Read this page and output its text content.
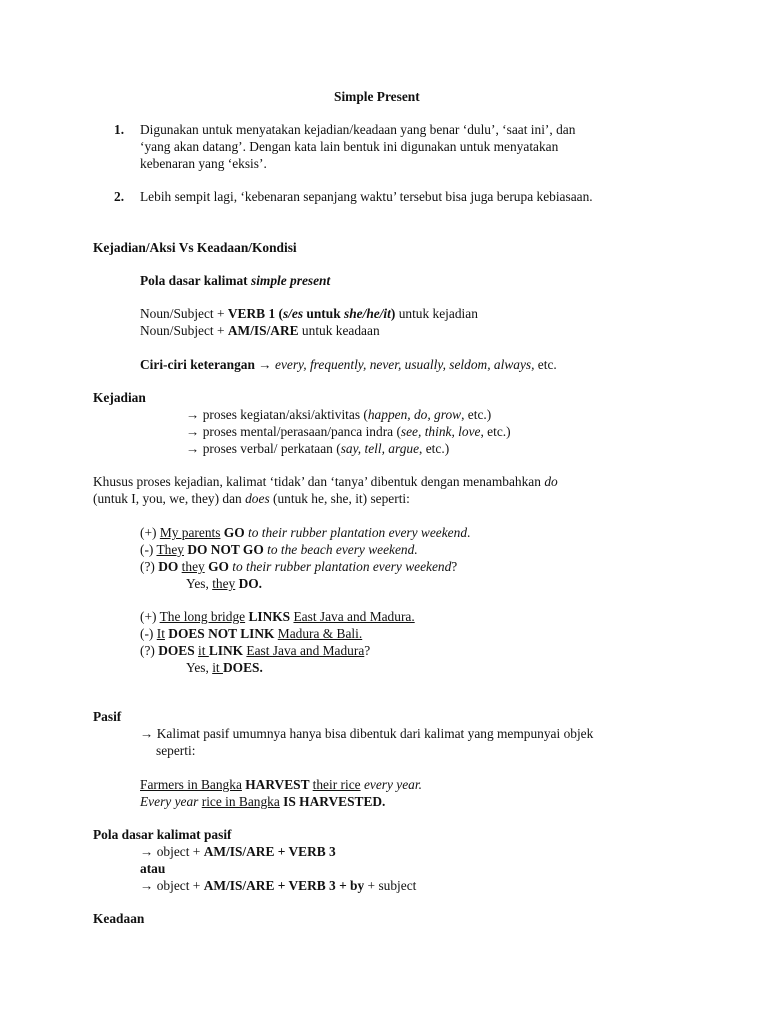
Simple Present
1. Digunakan untuk menyatakan kejadian/keadaan yang benar ‘dulu’, ‘saat ini’, dan
‘yang akan datang’. Dengan kata lain bentuk ini digunakan untuk menyatakan
kebenaran yang ‘eksis’.
2. Lebih sempit lagi, ‘kebenaran sepanjang waktu’ tersebut bisa juga berupa kebiasaan.
Kejadian/Aksi Vs Keadaan/Kondisi
Pola dasar kalimat simple present
Noun/Subject + VERB 1 (s/es untuk she/he/it) untuk kejadian
Noun/Subject + AM/IS/ARE untuk keadaan
Ciri-ciri keterangan → every, frequently, never, usually, seldom, always, etc.
Kejadian
→ proses kegiatan/aksi/aktivitas (happen, do, grow, etc.)
→ proses mental/perasaan/panca indra (see, think, love, etc.)
→ proses verbal/ perkataan (say, tell, argue, etc.)
Khusus proses kejadian, kalimat ‘tidak’ dan ‘tanya’ dibentuk dengan menambahkan do
(untuk I, you, we, they) dan does (untuk he, she, it) seperti:
(+) My parents GO to their rubber plantation every weekend.
(-) They DO NOT GO to the beach every weekend.
(?) DO they GO to their rubber plantation every weekend?
Yes, they DO.
(+) The long bridge LINKS East Java and Madura.
(-) It DOES NOT LINK Madura & Bali.
(?) DOES it LINK East Java and Madura?
Yes, it DOES.
Pasif
→ Kalimat pasif umumnya hanya bisa dibentuk dari kalimat yang mempunyai objek
seperti:
Farmers in Bangka HARVEST their rice every year.
Every year rice in Bangka IS HARVESTED.
Pola dasar kalimat pasif
→ object + AM/IS/ARE + VERB 3
atau
→ object + AM/IS/ARE + VERB 3 + by + subject
Keadaan
